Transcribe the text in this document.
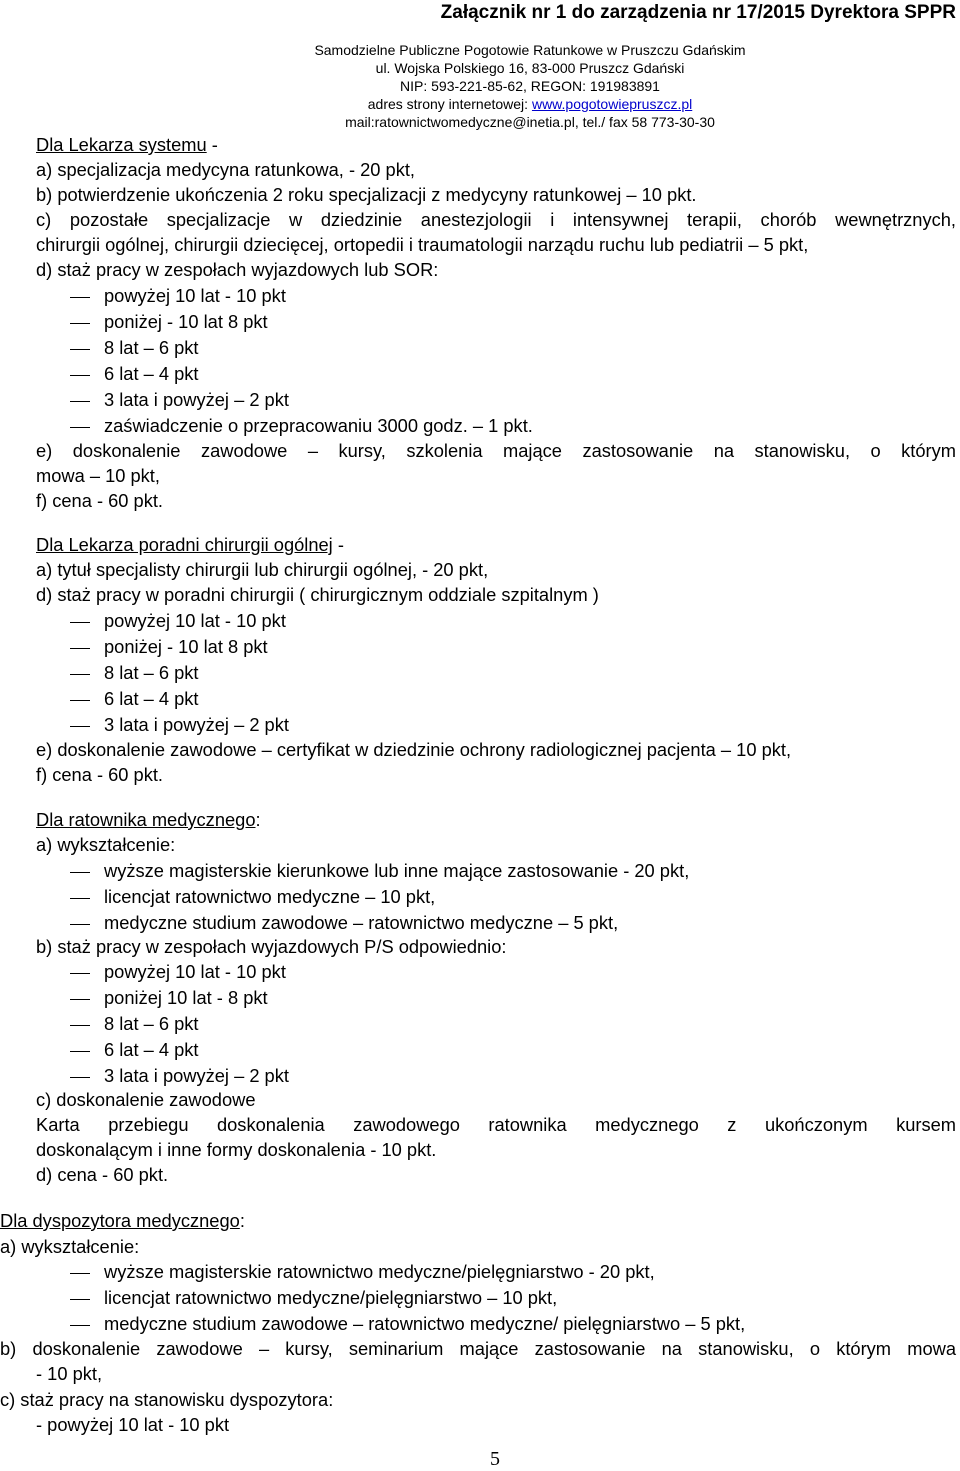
Załącznik nr 1 do zarządzenia nr 17/2015 Dyrektora SPPR
Samodzielne Publiczne Pogotowie Ratunkowe w Pruszczu Gdańskim
ul. Wojska Polskiego 16, 83-000 Pruszcz Gdański
NIP: 593-221-85-62, REGON: 191983891
adres strony internetowej: www.pogotowiepruszcz.pl
mail:ratownictwomedyczne@inetia.pl, tel./ fax 58 773-30-30
Dla Lekarza systemu -
a) specjalizacja medycyna ratunkowa, - 20 pkt,
b) potwierdzenie ukończenia 2 roku specjalizacji z medycyny ratunkowej – 10 pkt.
c) pozostałe specjalizacje w dziedzinie anestezjologii i intensywnej terapii, chorób wewnętrznych,
chirurgii ogólnej, chirurgii dziecięcej, ortopedii i traumatologii narządu ruchu lub pediatrii – 5 pkt,
d) staż pracy w zespołach wyjazdowych lub SOR:
powyżej 10 lat - 10 pkt
poniżej - 10 lat 8 pkt
8 lat – 6 pkt
6 lat – 4 pkt
3 lata i powyżej – 2 pkt
zaświadczenie o przepracowaniu 3000 godz. – 1 pkt.
e) doskonalenie zawodowe – kursy, szkolenia mające zastosowanie na stanowisku, o którym
mowa – 10 pkt,
f) cena - 60 pkt.
Dla Lekarza poradni chirurgii ogólnej -
a) tytuł specjalisty chirurgii lub chirurgii ogólnej, - 20 pkt,
d) staż pracy w poradni chirurgii ( chirurgicznym oddziale szpitalnym )
powyżej 10 lat - 10 pkt
poniżej - 10 lat 8 pkt
8 lat – 6 pkt
6 lat – 4 pkt
3 lata i powyżej – 2 pkt
e) doskonalenie zawodowe – certyfikat w dziedzinie ochrony radiologicznej pacjenta – 10 pkt,
f) cena - 60 pkt.
Dla ratownika medycznego:
a) wykształcenie:
wyższe magisterskie kierunkowe lub inne mające zastosowanie - 20 pkt,
licencjat ratownictwo medyczne – 10 pkt,
medyczne studium zawodowe – ratownictwo medyczne – 5 pkt,
b) staż pracy w zespołach wyjazdowych P/S odpowiednio:
powyżej 10 lat - 10 pkt
poniżej 10 lat - 8 pkt
8 lat – 6 pkt
6 lat – 4 pkt
3 lata i powyżej – 2 pkt
c) doskonalenie zawodowe
Karta przebiegu doskonalenia zawodowego ratownika medycznego z ukończonym kursem
doskonalącym i inne formy doskonalenia - 10 pkt.
d) cena - 60 pkt.
Dla dyspozytora medycznego:
a) wykształcenie:
wyższe magisterskie ratownictwo medyczne/pielęgniarstwo - 20 pkt,
licencjat ratownictwo medyczne/pielęgniarstwo – 10 pkt,
medyczne studium zawodowe – ratownictwo medyczne/ pielęgniarstwo – 5 pkt,
b) doskonalenie zawodowe – kursy, seminarium mające zastosowanie na stanowisku, o którym mowa
- 10 pkt,
c) staż pracy na stanowisku dyspozytora:
- powyżej 10 lat - 10 pkt
5
